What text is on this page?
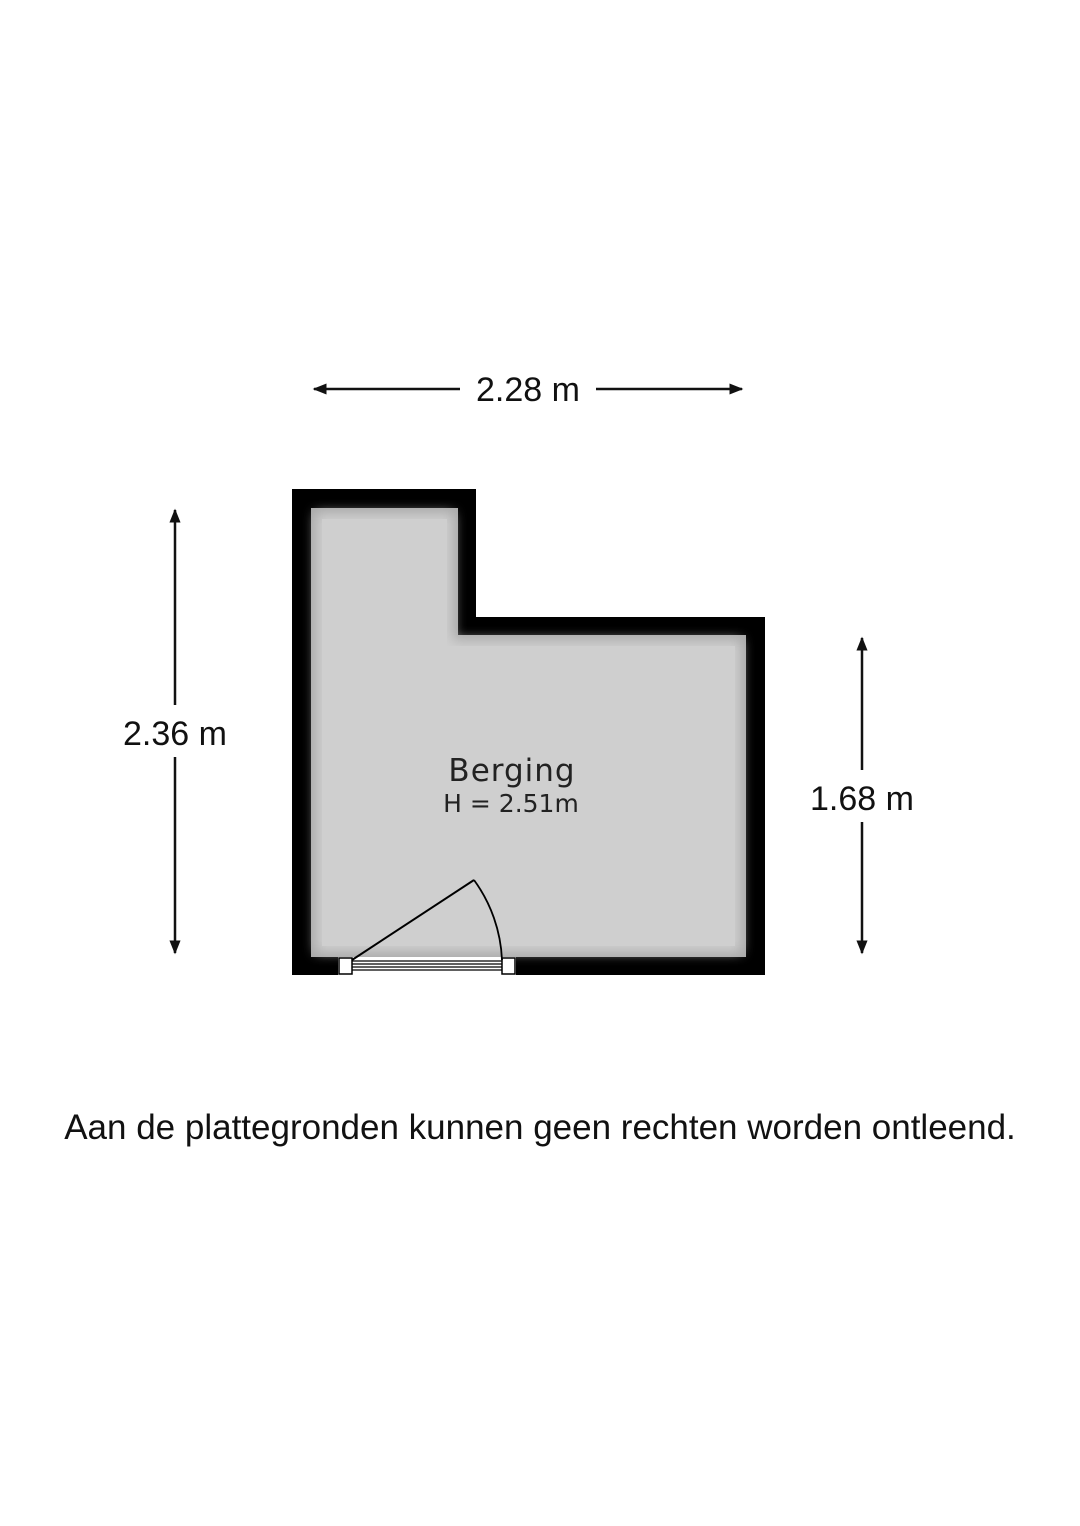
2.28 m
2.36 m
1.68 m
Berging
H = 2.51m
Aan de plattegronden kunnen geen rechten worden ontleend.
